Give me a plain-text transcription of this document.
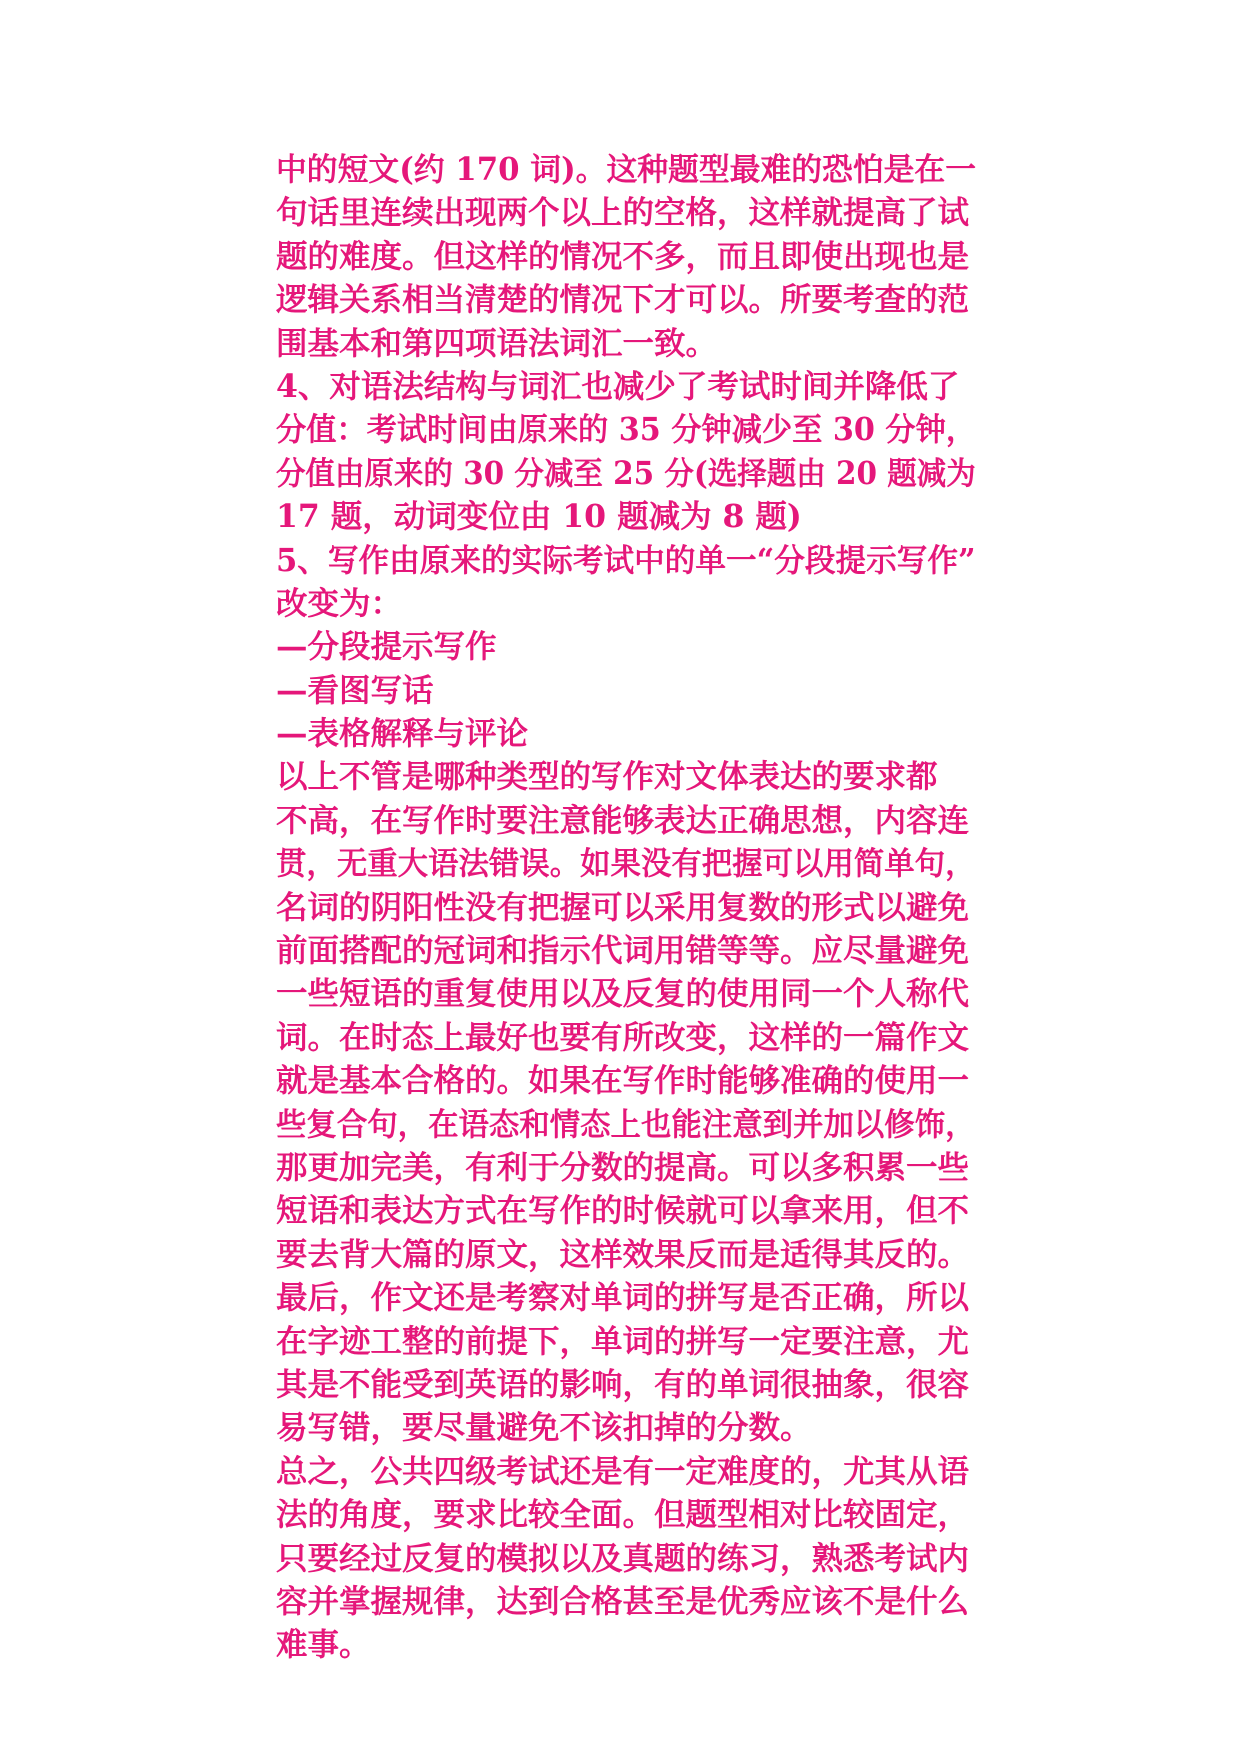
中的短文(约 170 词)。这种题型最难的恐怕是在一
句话里连续出现两个以上的空格，这样就提高了试
题的难度。但这样的情况不多，而且即使出现也是
逻辑关系相当清楚的情况下才可以。所要考查的范
围基本和第四项语法词汇一致。
4、对语法结构与词汇也减少了考试时间并降低了
分值：考试时间由原来的 35 分钟减少至 30 分钟，
分值由原来的 30 分减至 25 分(选择题由 20 题减为
17 题，动词变位由 10 题减为 8 题)
5、写作由原来的实际考试中的单一“分段提示写作”
改变为：
—分段提示写作
—看图写话
—表格解释与评论
以上不管是哪种类型的写作对文体表达的要求都
不高，在写作时要注意能够表达正确思想，内容连
贯，无重大语法错误。如果没有把握可以用简单句，
名词的阴阳性没有把握可以采用复数的形式以避免
前面搭配的冠词和指示代词用错等等。应尽量避免
一些短语的重复使用以及反复的使用同一个人称代
词。在时态上最好也要有所改变，这样的一篇作文
就是基本合格的。如果在写作时能够准确的使用一
些复合句，在语态和情态上也能注意到并加以修饰，
那更加完美，有利于分数的提高。可以多积累一些
短语和表达方式在写作的时候就可以拿来用，但不
要去背大篇的原文，这样效果反而是适得其反的。
最后，作文还是考察对单词的拼写是否正确，所以
在字迹工整的前提下，单词的拼写一定要注意，尤
其是不能受到英语的影响，有的单词很抽象，很容
易写错，要尽量避免不该扣掉的分数。
总之，公共四级考试还是有一定难度的，尤其从语
法的角度，要求比较全面。但题型相对比较固定，
只要经过反复的模拟以及真题的练习，熟悉考试内
容并掌握规律，达到合格甚至是优秀应该不是什么
难事。
